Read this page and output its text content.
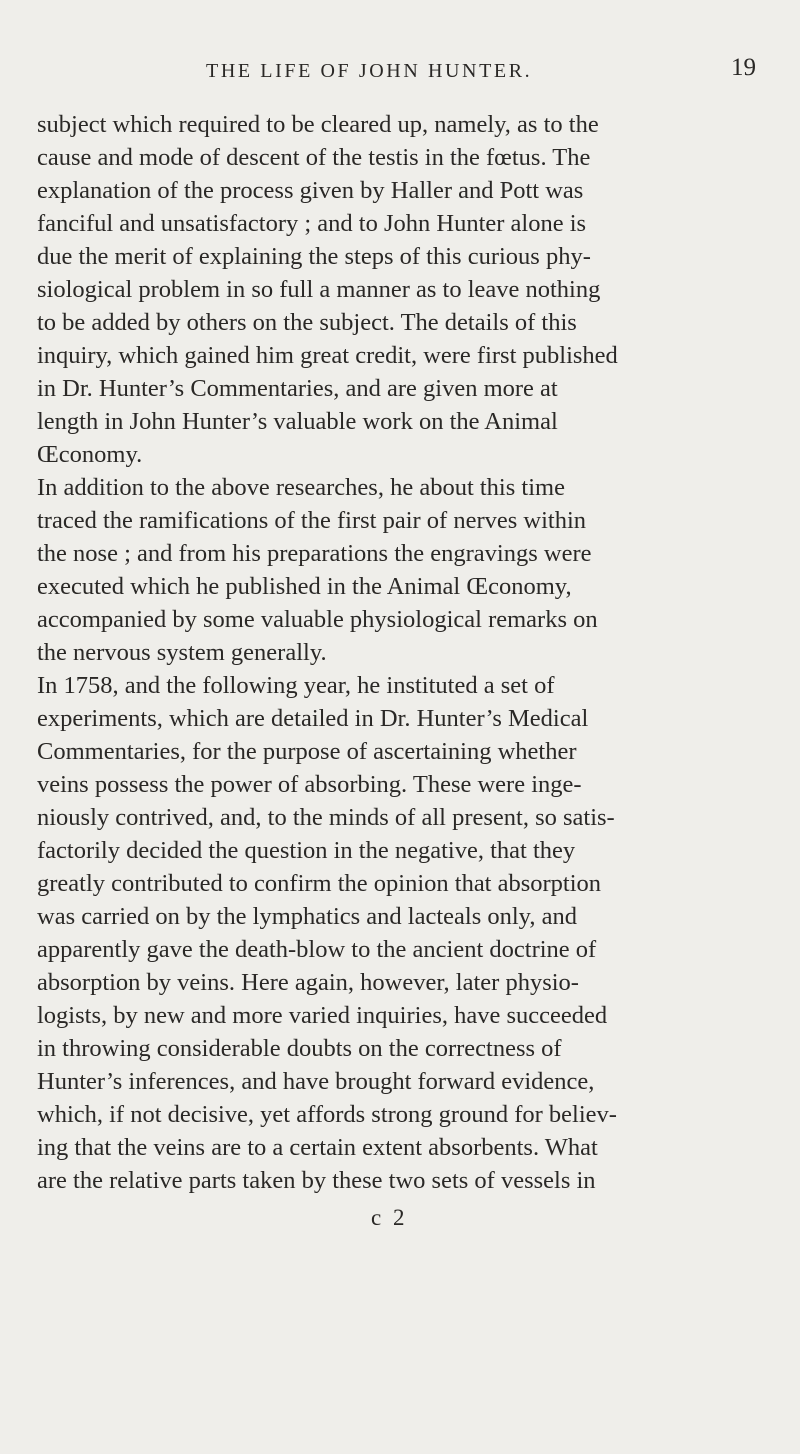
THE LIFE OF JOHN HUNTER.	19
subject which required to be cleared up, namely, as to the
cause and mode of descent of the testis in the fœtus. The
explanation of the process given by Haller and Pott was
fanciful and unsatisfactory ; and to John Hunter alone is
due the merit of explaining the steps of this curious phy-
siological problem in so full a manner as to leave nothing
to be added by others on the subject. The details of this
inquiry, which gained him great credit, were first published
in Dr. Hunter’s Commentaries, and are given more at
length in John Hunter’s valuable work on the Animal
Œconomy.
In addition to the above researches, he about this time
traced the ramifications of the first pair of nerves within
the nose ; and from his preparations the engravings were
executed which he published in the Animal Œconomy,
accompanied by some valuable physiological remarks on
the nervous system generally.
In 1758, and the following year, he instituted a set of
experiments, which are detailed in Dr. Hunter’s Medical
Commentaries, for the purpose of ascertaining whether
veins possess the power of absorbing. These were inge-
niously contrived, and, to the minds of all present, so satis-
factorily decided the question in the negative, that they
greatly contributed to confirm the opinion that absorption
was carried on by the lymphatics and lacteals only, and
apparently gave the death-blow to the ancient doctrine of
absorption by veins. Here again, however, later physio-
logists, by new and more varied inquiries, have succeeded
in throwing considerable doubts on the correctness of
Hunter’s inferences, and have brought forward evidence,
which, if not decisive, yet affords strong ground for believ-
ing that the veins are to a certain extent absorbents. What
are the relative parts taken by these two sets of vessels in
c 2
